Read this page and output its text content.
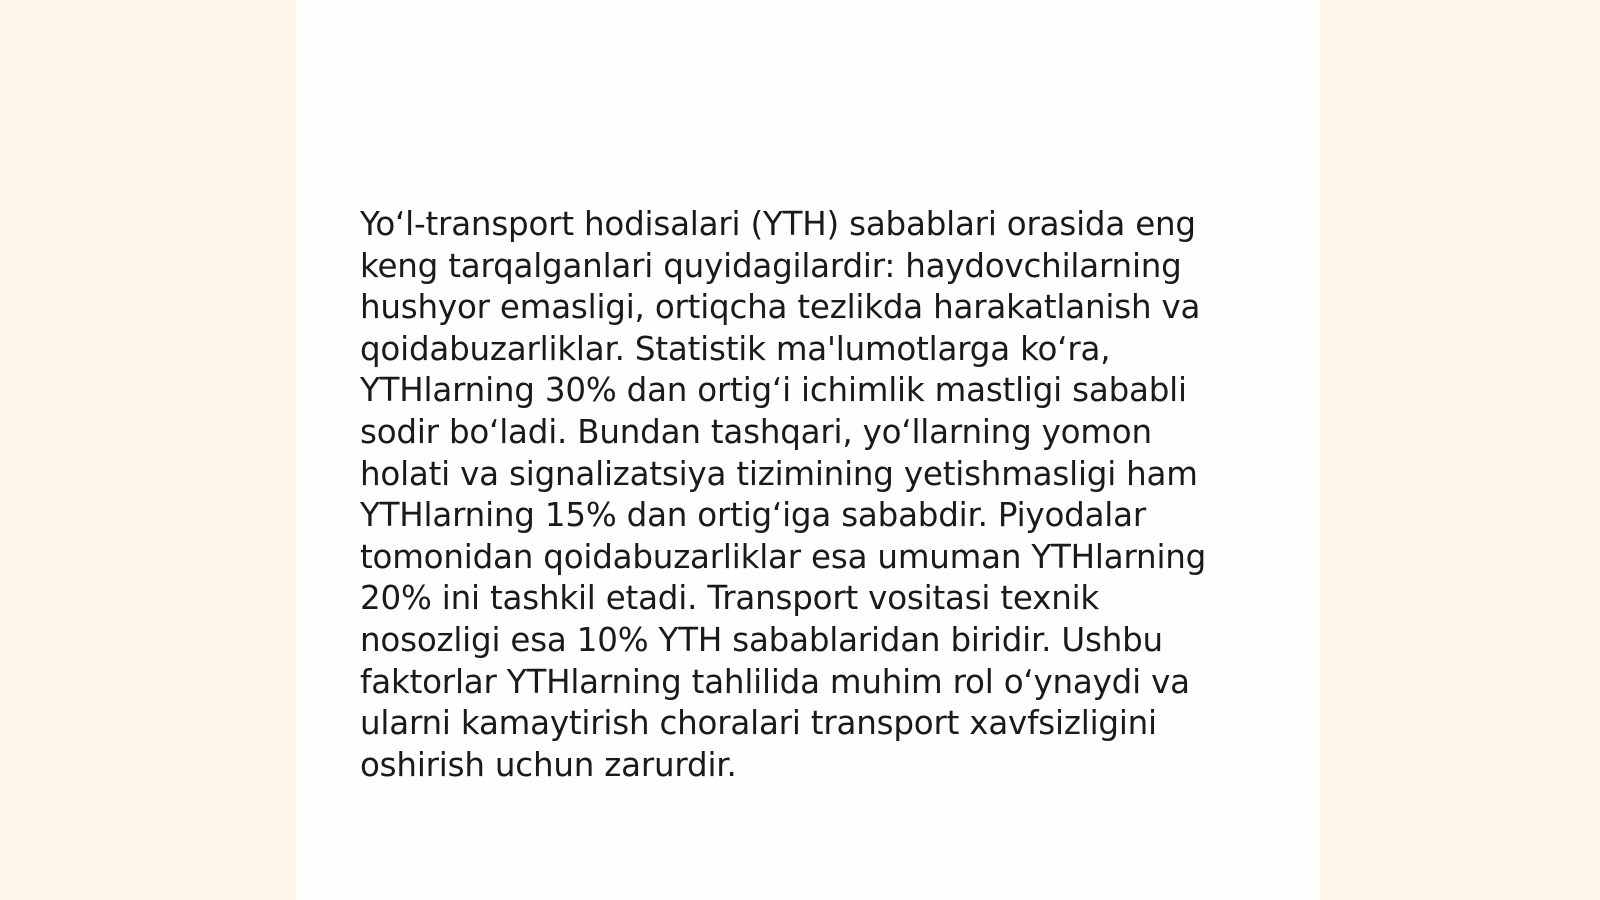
Yo‘l-transport hodisalari (YTH) sabablari orasida eng
keng tarqalganlari quyidagilardir: haydovchilarning
hushyor emasligi, ortiqcha tezlikda harakatlanish va
qoidabuzarliklar. Statistik ma'lumotlarga ko‘ra,
YTHlarning 30% dan ortig‘i ichimlik mastligi sababli
sodir bo‘ladi. Bundan tashqari, yo‘llarning yomon
holati va signalizatsiya tizimining yetishmasligi ham
YTHlarning 15% dan ortig‘iga sababdir. Piyodalar
tomonidan qoidabuzarliklar esa umuman YTHlarning
20% ini tashkil etadi. Transport vositasi texnik
nosozligi esa 10% YTH sabablaridan biridir. Ushbu
faktorlar YTHlarning tahlilida muhim rol o‘ynaydi va
ularni kamaytirish choralari transport xavfsizligini
oshirish uchun zarurdir.
